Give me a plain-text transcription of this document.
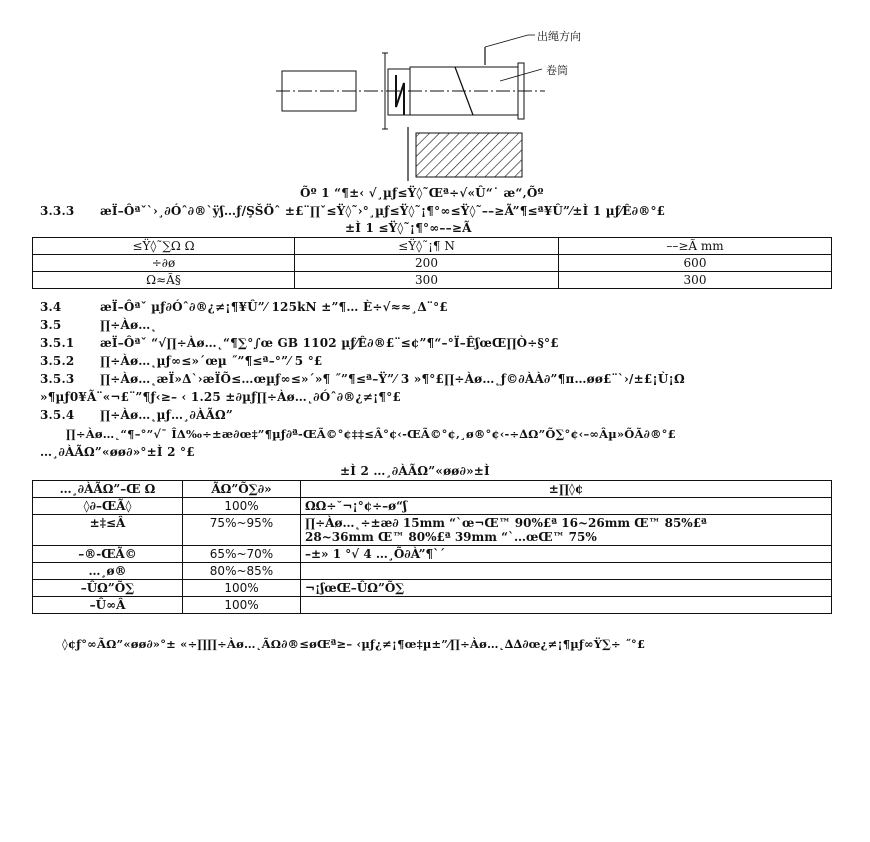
出绳方向
卷筒
Õº 1 “¶±‹ √¸µƒ≤Ÿ◊˜Œª÷√«Û“˙ æ“‚Õº
3.3.3 æÏ–Ôªˇ`›¸∂Óˆ∂®`ÿʃ…ƒ/ŞŠÖˆ ±£¨∏ˇ≤Ÿ◊˜›°¸µƒ≤Ÿ◊˜¡¶°∞≤Ÿ◊˜––≥Ã”¶≤ª¥Û”⁄±Ì 1 µƒ⁄Ê∂®°£
±Ì 1 ≤Ÿ◊˜¡¶°∞––≥Ã
≤Ÿ◊˜∑Ω Ω	≤Ÿ◊˜¡¶ N	––≥Ã mm
÷∂ø	200	600
Ω≈Ã§	300	300
3.4	æÏ–Ôªˇ µƒ∂Óˆ∂®¿≠¡¶¥Û”⁄ 125kN ±”¶… È÷√≈≈¸Δ¨°£
3.5	∏÷Àø…˛
3.5.1 æÏ–Ôªˇ “√∏÷Àø…˛“¶∑°∫œ GB 1102 µƒ⁄Ê∂®£¨≤¢”¶“–°Ï–ÊʃœŒ∏Ò÷§°£
3.5.2 ∏÷Àø…˛µƒ∞≤»´œµ ˝”¶≤ª–°”⁄ 5 °£
3.5.3 ∏÷Àø…˛æÏ»Δ`›æÏÕ≤…œµƒ∞≤»´»¶ ˝”¶≤ª–Ÿ”⁄ 3 »¶°£∏÷Àø…˛ƒ©∂ÀÀ∂”¶π…øø£¨`›/±£¡Ù¡Ω
»¶µƒ0¥Ã¨«¬£¨”¶ƒ‹≥– ‹ 1.25 ±∂µƒ∏÷Àø…˛∂Óˆ∂®¿≠¡¶°£
3.5.4 ∏÷Àø…˛µƒ…¸∂ÀÃΩ”
∏÷Àø…˛“¶–°”√¯ ÎΔ‰÷±æ∂œ‡”¶µƒ∂ª-ŒÃ©°¢‡‡≤Â°¢‹-ŒÃ©°¢‚¸ø®°¢‹-÷∆Ω”Õ∑°¢‹–∞Âµ»ÕÃ∂®°£
…¸∂ÀÃΩ”«øø∂»°±Ì 2 °£
±Ì 2 …¸∂ÀÃΩ”«øø∂»±Ì
…¸∂ÀÃΩ”–Œ Ω	ÃΩ”Õ∑∂»	±∏◊¢
◊∂–ŒÃ◊	100%	ΩΩ÷˘¬¡°¢÷–ø“ʃ
±‡≤Â	75%~95%	∏÷Àø…˛÷±æ∂ 15mm “`œ¬Œ™ 90%£ª 16~26mm Œ™ 85%£ª
28~36mm Œ™ 80%£ª 39mm “`…œŒ™ 75%

–®-ŒÃ©	65%~70%	–±» 1 °√ 4 …¸Õ∂À”¶`´
…¸ø®	80%~85%	
–ÛΩ”Õ∑	100%	¬¡ʃœŒ–ÛΩ”Õ∑
–Û∞Â	100%	
◊¢ƒ°∞ÃΩ”«øø∂»°± «÷∏∏÷Àø…˛ÃΩ∂®≤øŒª≥– ‹µƒ¿≠¡¶œ‡µ±”⁄∏÷Àø…˛∆∆∂œ¿≠¡¶µƒ∞Ÿ∑÷ ˝°£
